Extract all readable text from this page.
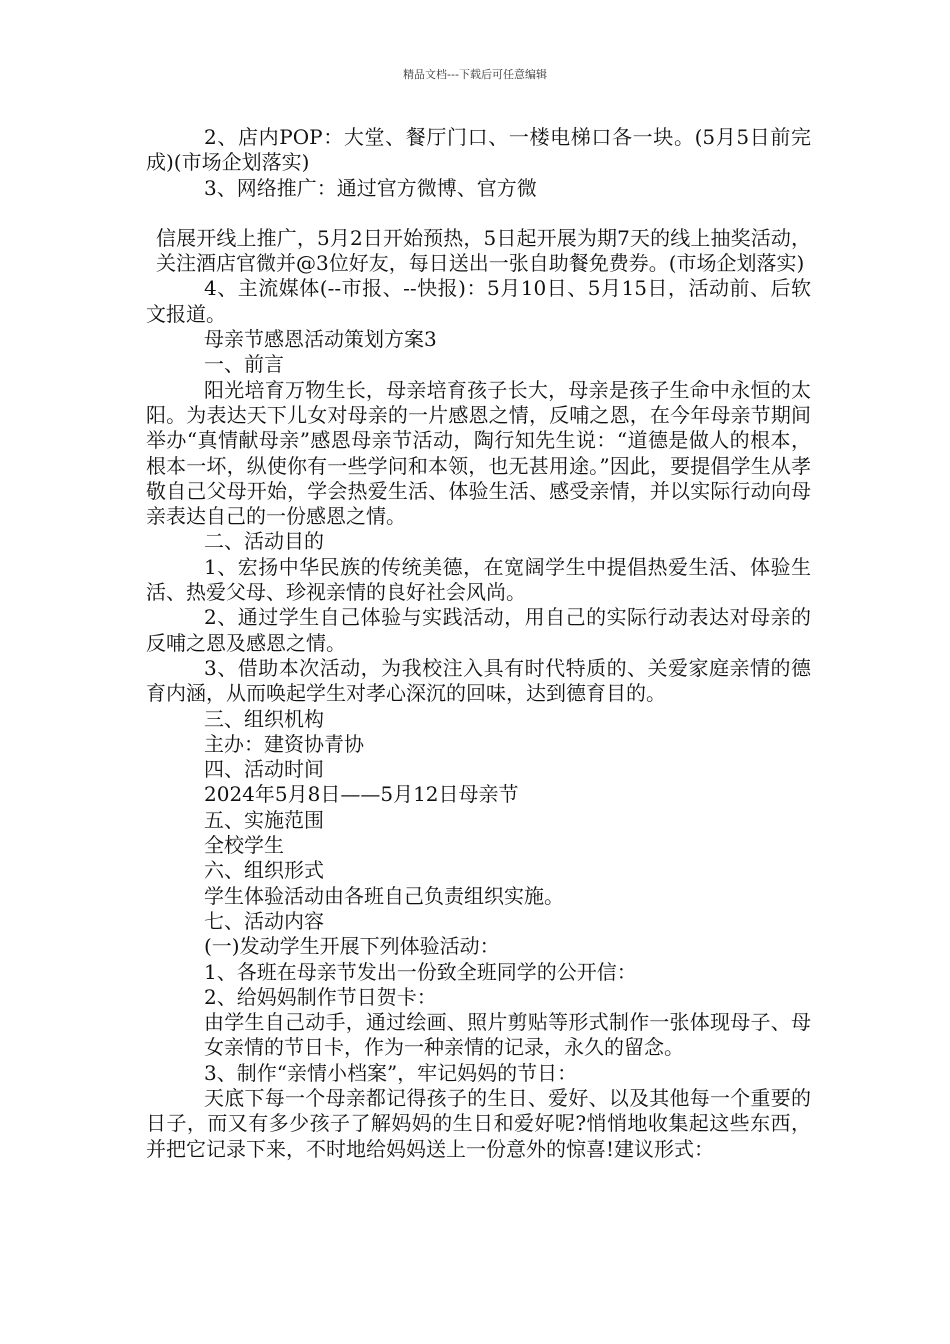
精品文档---下载后可任意编辑

2、店内POP：大堂、餐厅门口、一楼电梯口各一块。(5月5日前完成)(市场企划落实)

3、网络推广：通过官方微博、官方微

信展开线上推广，5月2日开始预热，5日起开展为期7天的线上抽奖活动，关注酒店官微并@3位好友，每日送出一张自助餐免费券。(市场企划落实)

4、主流媒体(--市报、--快报)：5月10日、5月15日，活动前、后软文报道。

母亲节感恩活动策划方案3

一、前言

阳光培育万物生长，母亲培育孩子长大，母亲是孩子生命中永恒的太阳。为表达天下儿女对母亲的一片感恩之情，反哺之恩，在今年母亲节期间举办“真情献母亲”感恩母亲节活动，陶行知先生说：“道德是做人的根本，根本一坏，纵使你有一些学问和本领，也无甚用途。”因此，要提倡学生从孝敬自己父母开始，学会热爱生活、体验生活、感受亲情，并以实际行动向母亲表达自己的一份感恩之情。

二、活动目的

1、宏扬中华民族的传统美德，在宽阔学生中提倡热爱生活、体验生活、热爱父母、珍视亲情的良好社会风尚。

2、通过学生自己体验与实践活动，用自己的实际行动表达对母亲的反哺之恩及感恩之情。

3、借助本次活动，为我校注入具有时代特质的、关爱家庭亲情的德育内涵，从而唤起学生对孝心深沉的回味，达到德育目的。

三、组织机构

主办：建资协青协

四、活动时间

2024年5月8日——5月12日母亲节

五、实施范围

全校学生

六、组织形式

学生体验活动由各班自己负责组织实施。

七、活动内容

(一)发动学生开展下列体验活动：

1、各班在母亲节发出一份致全班同学的公开信：

2、给妈妈制作节日贺卡：

由学生自己动手，通过绘画、照片剪贴等形式制作一张体现母子、母女亲情的节日卡，作为一种亲情的记录，永久的留念。

3、制作“亲情小档案”，牢记妈妈的节日：

天底下每一个母亲都记得孩子的生日、爱好、以及其他每一个重要的日子，而又有多少孩子了解妈妈的生日和爱好呢?悄悄地收集起这些东西，并把它记录下来，不时地给妈妈送上一份意外的惊喜!建议形式：
